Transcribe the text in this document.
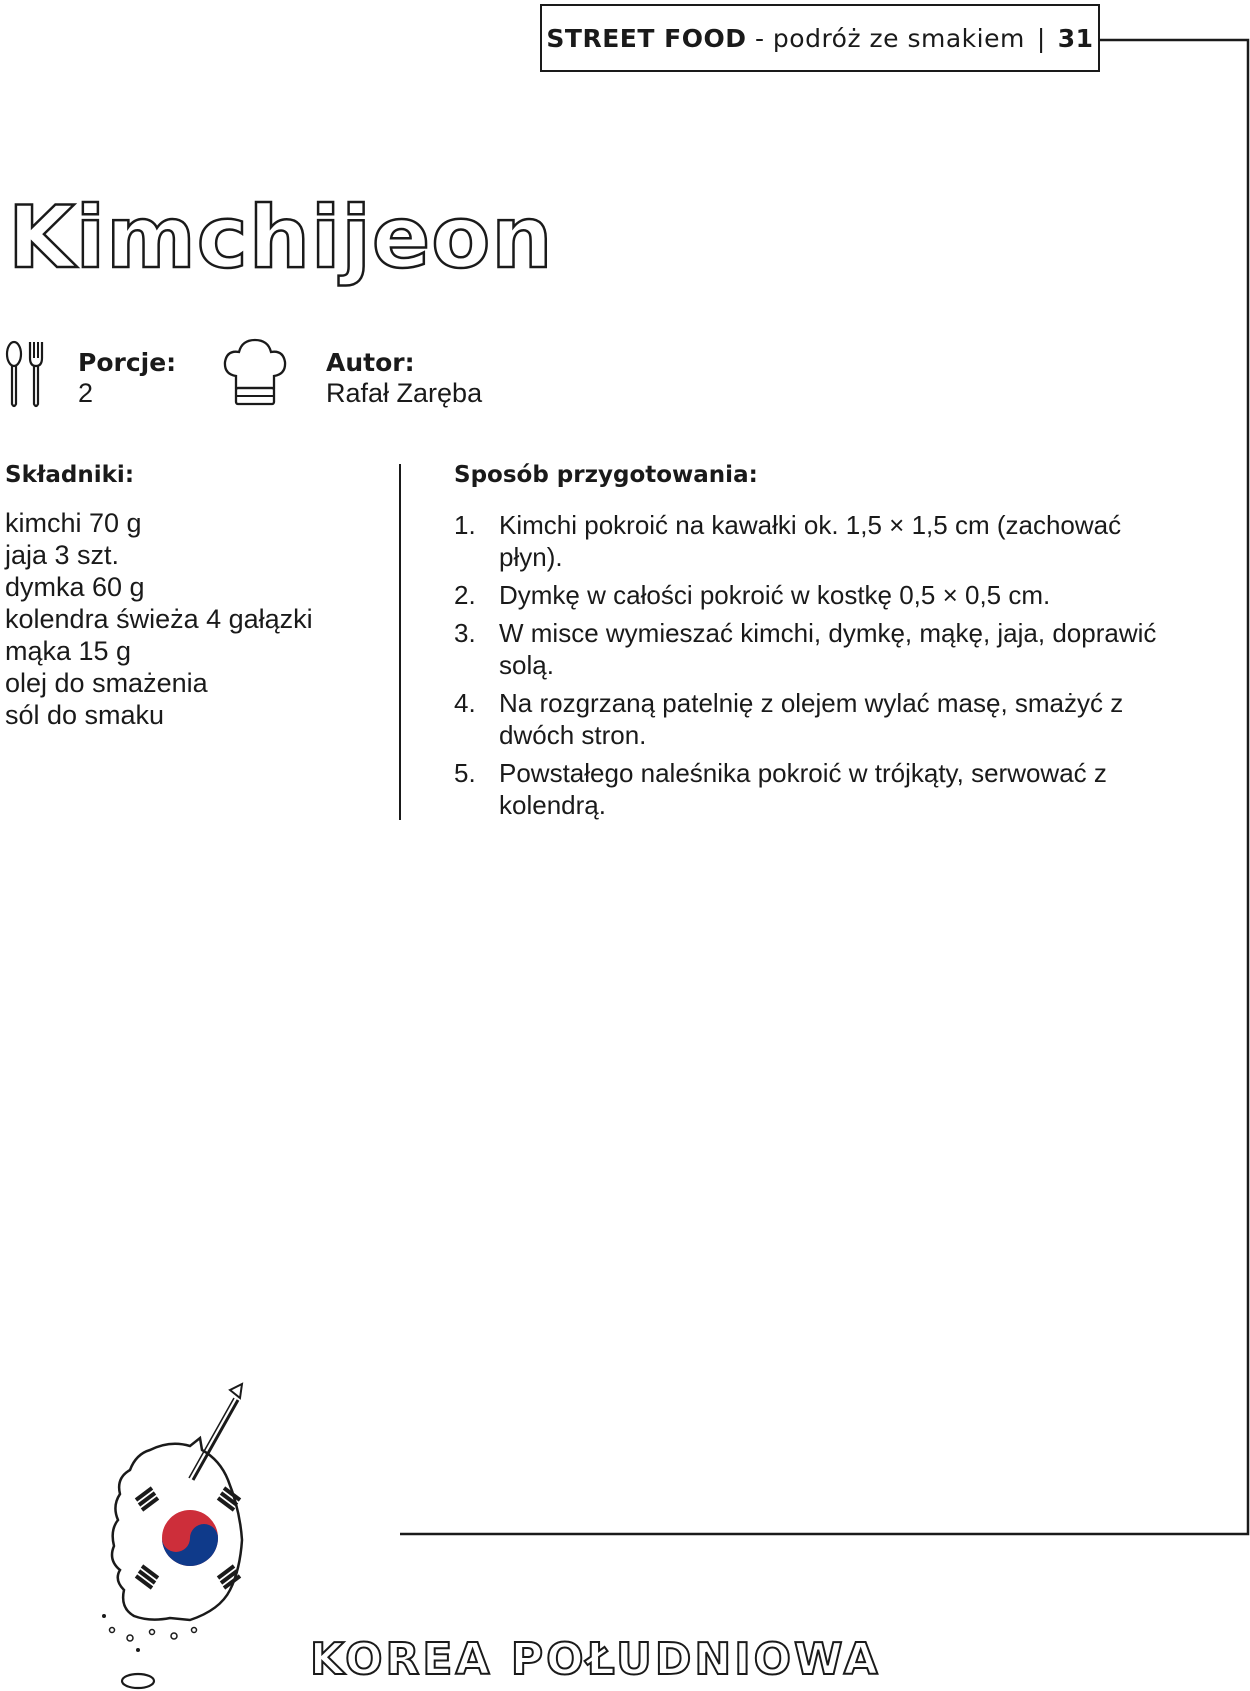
STREET FOOD
- podróż ze smakiem | 31
Kimchijeon
Porcje:
2
Autor:
Rafał Zaręba
Składniki:
kimchi 70 g
jaja 3 szt.
dymka 60 g
kolendra świeża 4 gałązki
mąka 15 g
olej do smażenia
sól do smaku
Sposób przygotowania:
1. Kimchi pokroić na kawałki ok. 1,5 × 1,5 cm (zachować płyn).
2. Dymkę w całości pokroić w kostkę 0,5 × 0,5 cm.
3. W misce wymieszać kimchi, dymkę, mąkę, jaja, doprawić solą.
4. Na rozgrzaną patelnię z olejem wylać masę, smażyć z dwóch stron.
5. Powstałego naleśnika pokroić w trójkąty, serwować z kolendrą.
KOREA POŁUDNIOWA
